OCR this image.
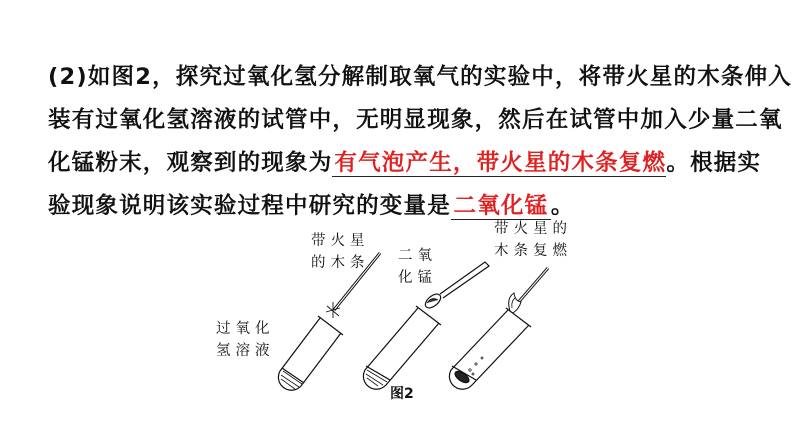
(2)如图2，探究过氧化氢分解制取氧气的实验中，将带火星的木条伸入
装有过氧化氢溶液的试管中，无明显现象，然后在试管中加入少量二氧
化锰粉末，观察到的现象为有气泡产生，带火星的木条复燃。根据实
验现象说明该实验过程中研究的变量是 二氧化锰 。
带火星
的木条
过氧化
氢溶液
二氧
化锰
带火星的
木条复燃
图2
